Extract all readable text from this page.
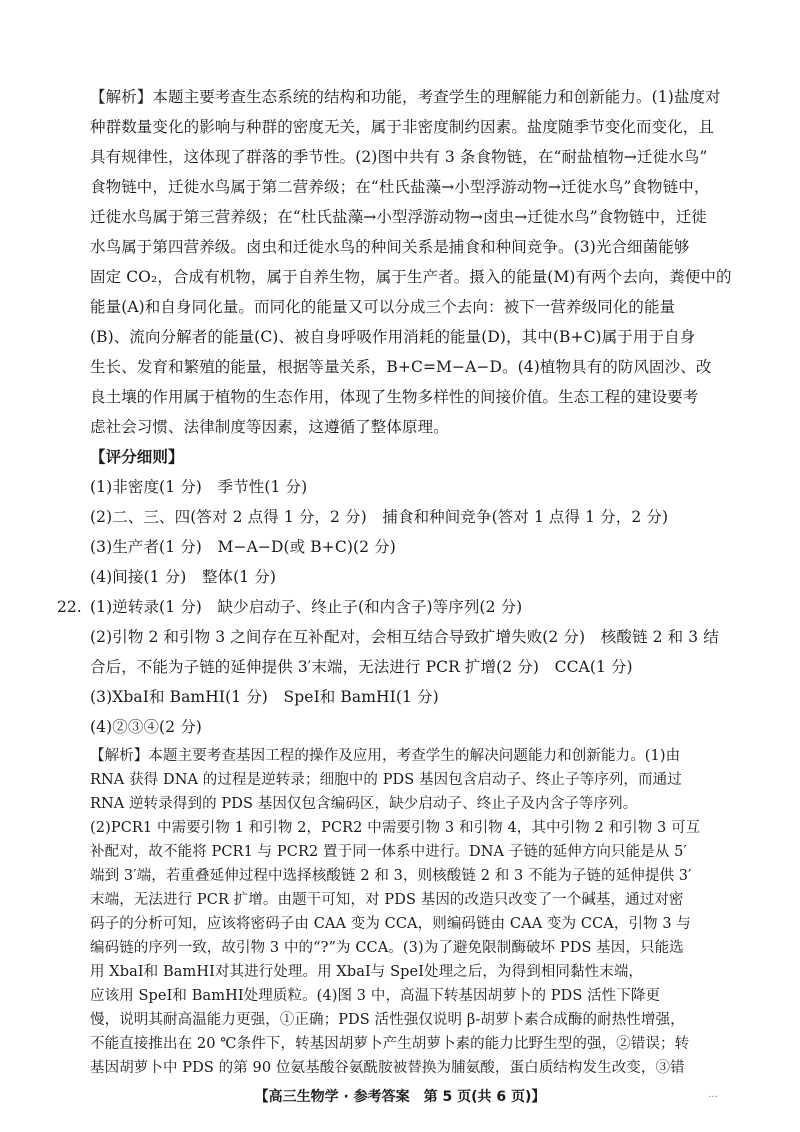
【解析】本题主要考查生态系统的结构和功能，考查学生的理解能力和创新能力。(1)盐度对
种群数量变化的影响与种群的密度无关，属于非密度制约因素。盐度随季节变化而变化，且
具有规律性，这体现了群落的季节性。(2)图中共有 3 条食物链，在“耐盐植物→迁徙水鸟”
食物链中，迁徙水鸟属于第二营养级；在“杜氏盐藻→小型浮游动物→迁徙水鸟”食物链中，
迁徙水鸟属于第三营养级；在“杜氏盐藻→小型浮游动物→卤虫→迁徙水鸟”食物链中，迁徙
水鸟属于第四营养级。卤虫和迁徙水鸟的种间关系是捕食和种间竞争。(3)光合细菌能够
固定 CO₂，合成有机物，属于自养生物，属于生产者。摄入的能量(M)有两个去向，粪便中的
能量(A)和自身同化量。而同化的能量又可以分成三个去向：被下一营养级同化的能量
(B)、流向分解者的能量(C)、被自身呼吸作用消耗的能量(D)，其中(B+C)属于用于自身
生长、发育和繁殖的能量，根据等量关系，B+C=M−A−D。(4)植物具有的防风固沙、改
良土壤的作用属于植物的生态作用，体现了生物多样性的间接价值。生态工程的建设要考
虑社会习惯、法律制度等因素，这遵循了整体原理。
【评分细则】
(1)非密度(1 分)　季节性(1 分)
(2)二、三、四(答对 2 点得 1 分，2 分)　捕食和种间竞争(答对 1 点得 1 分，2 分)
(3)生产者(1 分)　M−A−D(或 B+C)(2 分)
(4)间接(1 分)　整体(1 分)
22. (1)逆转录(1 分)　缺少启动子、终止子(和内含子)等序列(2 分)
(2)引物 2 和引物 3 之间存在互补配对，会相互结合导致扩增失败(2 分)　核酸链 2 和 3 结
合后，不能为子链的延伸提供 3′末端，无法进行 PCR 扩增(2 分)　CCA(1 分)
(3)XbaⅠ和 BamHⅠ(1 分)　SpeⅠ和 BamHⅠ(1 分)
(4)②③④(2 分)
【解析】本题主要考查基因工程的操作及应用，考查学生的解决问题能力和创新能力。(1)由
RNA 获得 DNA 的过程是逆转录；细胞中的 PDS 基因包含启动子、终止子等序列，而通过
RNA 逆转录得到的 PDS 基因仅包含编码区，缺少启动子、终止子及内含子等序列。
(2)PCR1 中需要引物 1 和引物 2，PCR2 中需要引物 3 和引物 4，其中引物 2 和引物 3 可互
补配对，故不能将 PCR1 与 PCR2 置于同一体系中进行。DNA 子链的延伸方向只能是从 5′
端到 3′端，若重叠延伸过程中选择核酸链 2 和 3，则核酸链 2 和 3 不能为子链的延伸提供 3′
末端，无法进行 PCR 扩增。由题干可知，对 PDS 基因的改造只改变了一个碱基，通过对密
码子的分析可知，应该将密码子由 CAA 变为 CCA，则编码链由 CAA 变为 CCA，引物 3 与
编码链的序列一致，故引物 3 中的“?”为 CCA。(3)为了避免限制酶破坏 PDS 基因，只能选
用 XbaⅠ和 BamHⅠ对其进行处理。用 XbaⅠ与 SpeⅠ处理之后，为得到相同黏性末端，
应该用 SpeⅠ和 BamHⅠ处理质粒。(4)图 3 中，高温下转基因胡萝卜的 PDS 活性下降更
慢，说明其耐高温能力更强，①正确；PDS 活性强仅说明 β-胡萝卜素合成酶的耐热性增强，
不能直接推出在 20 ℃条件下，转基因胡萝卜产生胡萝卜素的能力比野生型的强，②错误；转
基因胡萝卜中 PDS 的第 90 位氨基酸谷氨酰胺被替换为脯氨酸，蛋白质结构发生改变，③错
【高三生物学 · 参考答案　第 5 页(共 6 页)】	…
